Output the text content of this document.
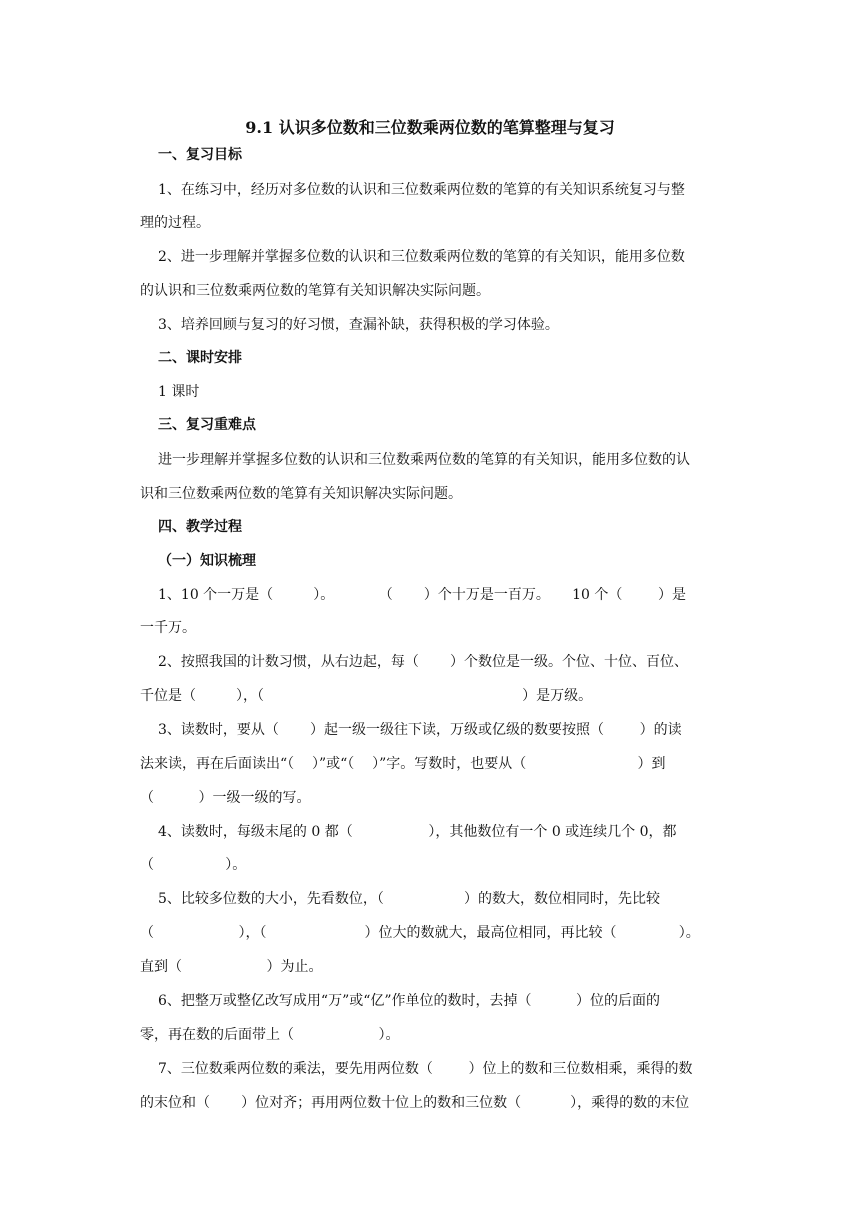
9.1 认识多位数和三位数乘两位数的笔算整理与复习
一、复习目标
1、在练习中，经历对多位数的认识和三位数乘两位数的笔算的有关知识系统复习与整
理的过程。
2、进一步理解并掌握多位数的认识和三位数乘两位数的笔算的有关知识，能用多位数
的认识和三位数乘两位数的笔算有关知识解决实际问题。
3、培养回顾与复习的好习惯，查漏补缺，获得积极的学习体验。
二、课时安排
1 课时
三、复习重难点
进一步理解并掌握多位数的认识和三位数乘两位数的笔算的有关知识，能用多位数的认
识和三位数乘两位数的笔算有关知识解决实际问题。
四、教学过程
（一）知识梳理
1、10 个一万是（         ）。          （       ）个十万是一百万。     10 个（        ）是
一千万。
2、按照我国的计数习惯，从右边起，每（       ）个数位是一级。个位、十位、百位、
千位是（         ），（                                                          ）是万级。
3、读数时，要从（       ）起一级一级往下读，万级或亿级的数要按照（        ）的读
法来读，再在后面读出“（    ）”或“（    ）”字。写数时，也要从（                         ）到
（          ）一级一级的写。
4、读数时，每级末尾的 0 都（                 ），其他数位有一个 0 或连续几个 0，都
（                ）。
5、比较多位数的大小，先看数位，（                  ）的数大，数位相同时，先比较
（                   ），（                      ）位大的数就大，最高位相同，再比较（              ）。
直到（                   ）为止。
6、把整万或整亿改写成用“万”或“亿”作单位的数时，去掉（          ）位的后面的
零，再在数的后面带上（                   ）。
7、三位数乘两位数的乘法，要先用两位数（        ）位上的数和三位数相乘，乘得的数
的末位和（       ）位对齐；再用两位数十位上的数和三位数（           ），乘得的数的末位
